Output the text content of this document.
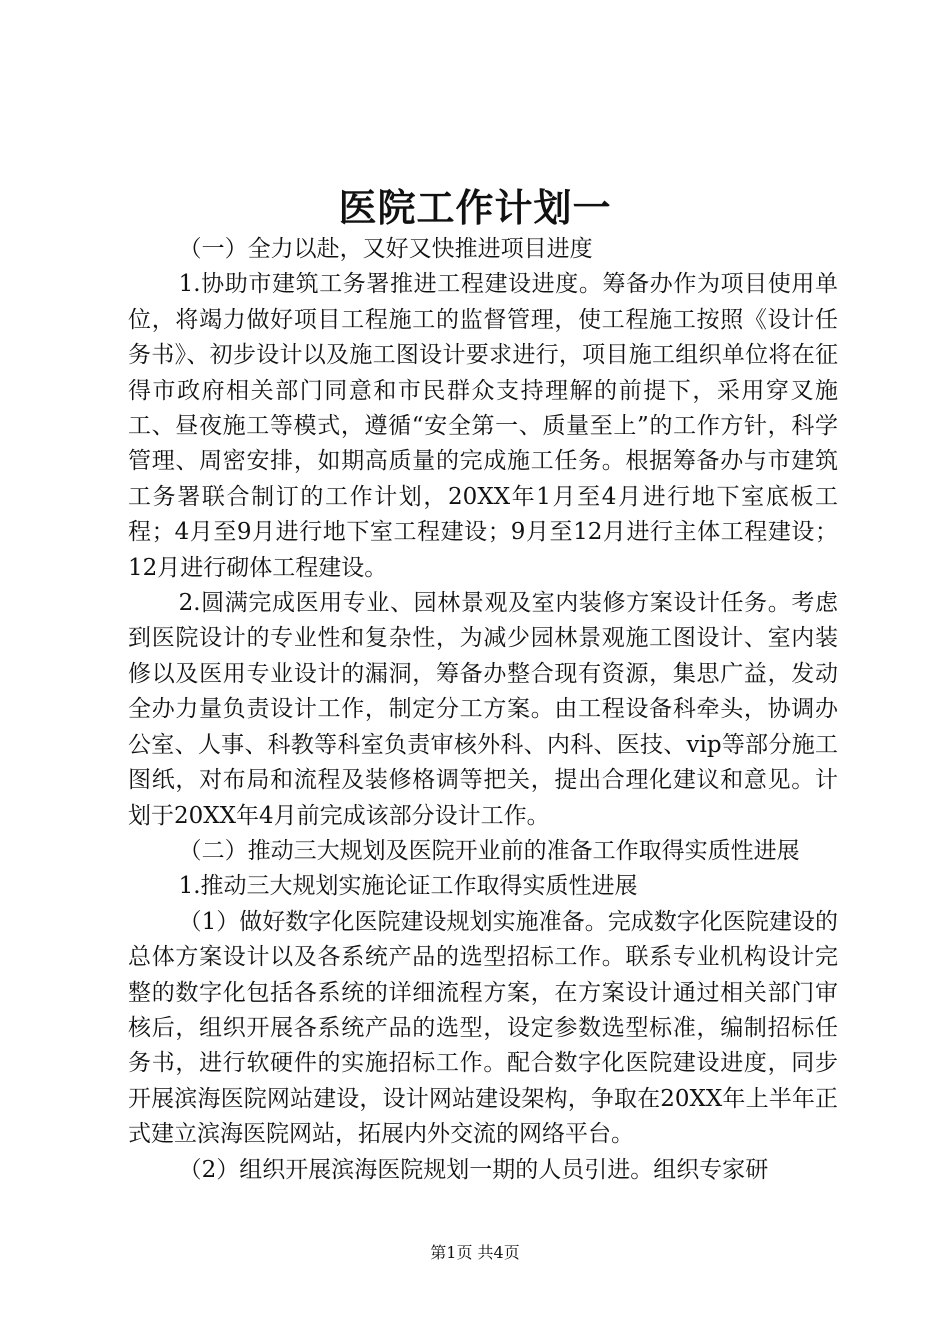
医院工作计划一

（一）全力以赴，又好又快推进项目进度

1.协助市建筑工务署推进工程建设进度。筹备办作为项目使用单位，将竭力做好项目工程施工的监督管理，使工程施工按照《设计任务书》、初步设计以及施工图设计要求进行，项目施工组织单位将在征得市政府相关部门同意和市民群众支持理解的前提下，采用穿叉施工、昼夜施工等模式，遵循“安全第一、质量至上”的工作方针，科学管理、周密安排，如期高质量的完成施工任务。根据筹备办与市建筑工务署联合制订的工作计划，20XX年1月至4月进行地下室底板工程；4月至9月进行地下室工程建设；9月至12月进行主体工程建设；12月进行砌体工程建设。

2.圆满完成医用专业、园林景观及室内装修方案设计任务。考虑到医院设计的专业性和复杂性，为减少园林景观施工图设计、室内装修以及医用专业设计的漏洞，筹备办整合现有资源，集思广益，发动全办力量负责设计工作，制定分工方案。由工程设备科牵头，协调办公室、人事、科教等科室负责审核外科、内科、医技、vip等部分施工图纸，对布局和流程及装修格调等把关，提出合理化建议和意见。计划于20XX年4月前完成该部分设计工作。

（二）推动三大规划及医院开业前的准备工作取得实质性进展

1.推动三大规划实施论证工作取得实质性进展

（1）做好数字化医院建设规划实施准备。完成数字化医院建设的总体方案设计以及各系统产品的选型招标工作。联系专业机构设计完整的数字化包括各系统的详细流程方案，在方案设计通过相关部门审核后，组织开展各系统产品的选型，设定参数选型标准，编制招标任务书，进行软硬件的实施招标工作。配合数字化医院建设进度，同步开展滨海医院网站建设，设计网站建设架构，争取在20XX年上半年正式建立滨海医院网站，拓展内外交流的网络平台。

（2）组织开展滨海医院规划一期的人员引进。组织专家研

第1页 共4页
